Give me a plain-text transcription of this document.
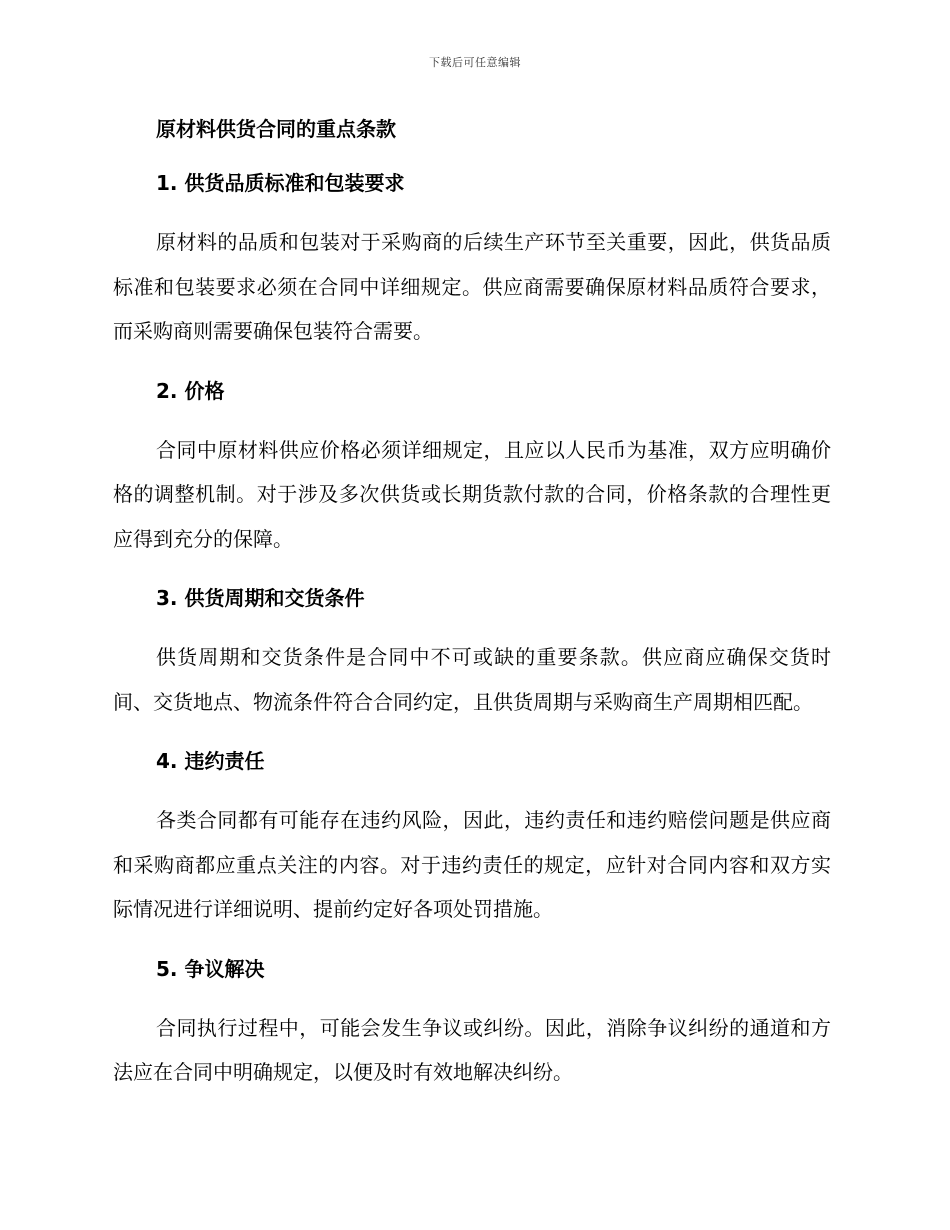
下载后可任意编辑
原材料供货合同的重点条款
1. 供货品质标准和包装要求

原材料的品质和包装对于采购商的后续生产环节至关重要，因此，供货品质标准和包装要求必须在合同中详细规定。供应商需要确保原材料品质符合要求，而采购商则需要确保包装符合需要。

2. 价格

合同中原材料供应价格必须详细规定，且应以人民币为基准，双方应明确价格的调整机制。对于涉及多次供货或长期货款付款的合同，价格条款的合理性更应得到充分的保障。

3. 供货周期和交货条件

供货周期和交货条件是合同中不可或缺的重要条款。供应商应确保交货时间、交货地点、物流条件符合合同约定，且供货周期与采购商生产周期相匹配。

4. 违约责任

各类合同都有可能存在违约风险，因此，违约责任和违约赔偿问题是供应商和采购商都应重点关注的内容。对于违约责任的规定，应针对合同内容和双方实际情况进行详细说明、提前约定好各项处罚措施。

5. 争议解决

合同执行过程中，可能会发生争议或纠纷。因此，消除争议纠纷的通道和方法应在合同中明确规定，以便及时有效地解决纠纷。
